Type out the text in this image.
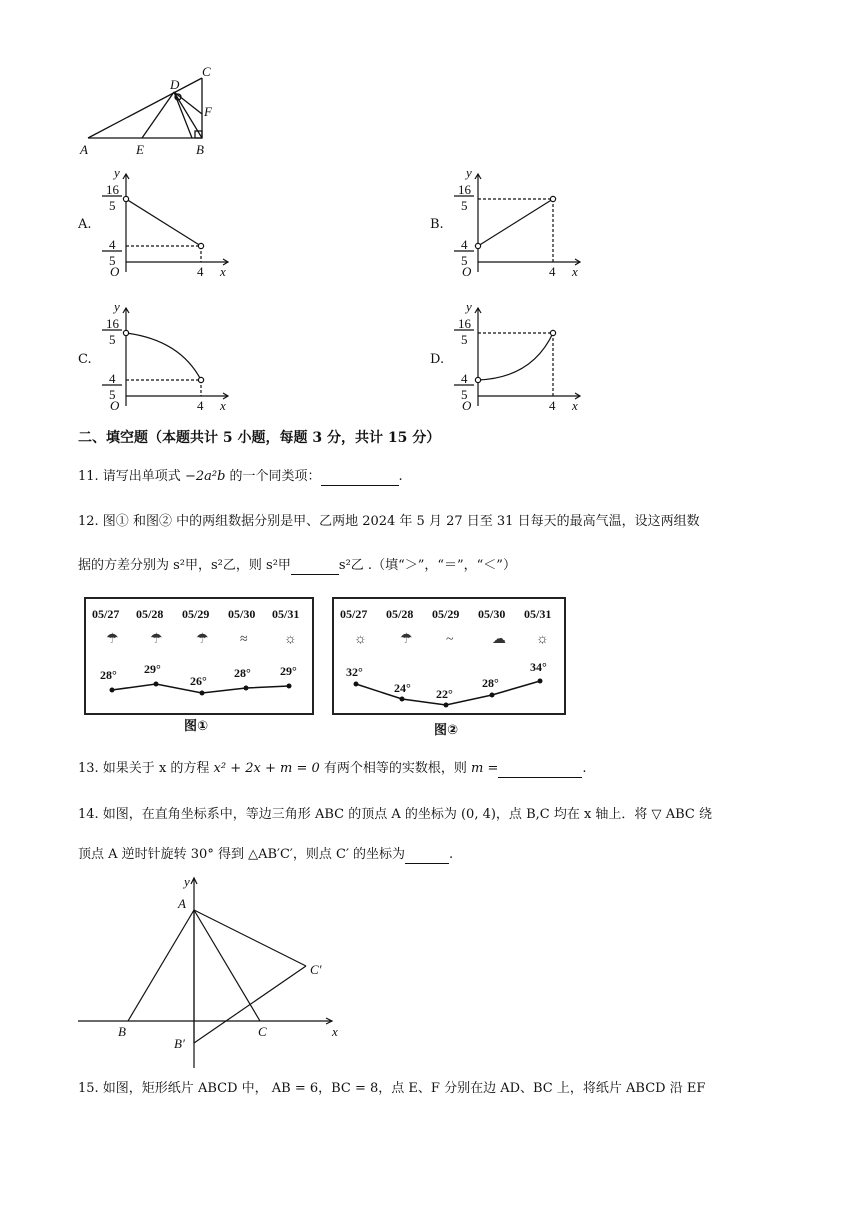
A	E	B
C
D
F
A.	B.
C.	D.
y
16
5
4
5
O	4 x
y
16
5
4
5
O	4 x
y
16
5
4
5
O	4 x
y
16
5
4
5
O	4 x
二、填空题（本题共计 5 小题，每题 3 分，共计 15 分）
11. 请写出单项式 −2a²b 的一个同类项：	.
12. 图① 和图② 中的两组数据分别是甲、乙两地 2024 年 5 月 27 日至 31 日每天的最高气温，设这两组数
据的方差分别为 s²甲，s²乙，则 s²甲	s²乙 .（填“＞”，“＝”，“＜”）
05/27 05/28 05/29 05/30 05/31
☂ ☂ ☂ ≈	☼
28° 29°
26°
28° 29°
图①
05/27 05/28 05/29 05/30 05/31
☼ ☂ ~	☁ ☼
32°
24° 22°
28°
34°
图②
13. 如果关于 x 的方程 x² + 2x + m = 0 有两个相等的实数根，则 m =	.
14. 如图，在直角坐标系中，等边三角形 ABC 的顶点 A 的坐标为 (0, 4)，点 B,C 均在 x 轴上．将 ▽ ABC 绕
顶点 A 逆时针旋转 30° 得到 △AB′C′，则点 C′ 的坐标为	.
y
A
C′
B	C	x
B′
15. 如图，矩形纸片 ABCD 中， AB = 6，BC = 8，点 E、F 分别在边 AD、BC 上，将纸片 ABCD 沿 EF
